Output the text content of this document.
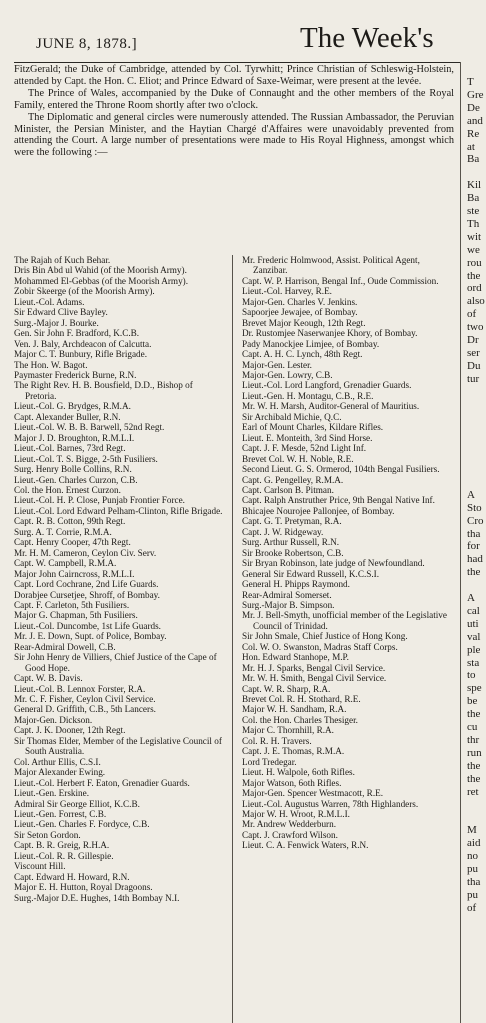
JUNE 8, 1878.]	The Week's

FitzGerald; the Duke of Cambridge, attended by Col. Tyrwhitt; Prince Christian of Schleswig-Holstein, attended by Capt. the Hon. C. Eliot; and Prince Edward of Saxe-Weimar, were present at the levée.

The Prince of Wales, accompanied by the Duke of Connaught and the other members of the Royal Family, entered the Throne Room shortly after two o'clock.

The Diplomatic and general circles were numerously attended. The Russian Ambassador, the Peruvian Minister, the Persian Minister, and the Haytian Chargé d'Affaires were unavoidably prevented from attending the Court. A large number of presentations were made to His Royal Highness, amongst which were the following :—

The Rajah of Kuch Behar.
Dris Bin Abd ul Wahid (of the Moorish Army).
Mohammed El-Gebbas (of the Moorish Army).
Zobir Skeerge (of the Moorish Army).
Lieut.-Col. Adams.
Sir Edward Clive Bayley.
Surg.-Major J. Bourke.
Gen. Sir John F. Bradford, K.C.B.
Ven. J. Baly, Archdeacon of Calcutta.
Major C. T. Bunbury, Rifle Brigade.
The Hon. W. Bagot.
Paymaster Frederick Burne, R.N.
The Right Rev. H. B. Bousfield, D.D., Bishop of Pretoria.
Lieut.-Col. G. Brydges, R.M.A.
Capt. Alexander Buller, R.N.
Lieut.-Col. W. B. B. Barwell, 52nd Regt.
Major J. D. Broughton, R.M.L.I.
Lieut.-Col. Barnes, 73rd Regt.
Lieut.-Col. T. S. Bigge, 2-5th Fusiliers.
Surg. Henry Bolle Collins, R.N.
Lieut.-Gen. Charles Curzon, C.B.
Col. the Hon. Ernest Curzon.
Lieut.-Col. H. P. Close, Punjab Frontier Force.
Lieut.-Col. Lord Edward Pelham-Clinton, Rifle Brigade.
Capt. R. B. Cotton, 99th Regt.
Surg. A. T. Corrie, R.M.A.
Capt. Henry Cooper, 47th Regt.
Mr. H. M. Cameron, Ceylon Civ. Serv.
Capt. W. Campbell, R.M.A.
Major John Cairncross, R.M.L.I.
Capt. Lord Cochrane, 2nd Life Guards.
Dorabjee Cursetjee, Shroff, of Bombay.
Capt. F. Carleton, 5th Fusiliers.
Major G. Chapman, 5th Fusiliers.
Lieut.-Col. Duncombe, 1st Life Guards.
Mr. J. E. Down, Supt. of Police, Bombay.
Rear-Admiral Dowell, C.B.
Sir John Henry de Villiers, Chief Justice of the Cape of Good Hope.
Capt. W. B. Davis.
Lieut.-Col. B. Lennox Forster, R.A.
Mr. C. F. Fisher, Ceylon Civil Service.
General D. Griffith, C.B., 5th Lancers.
Major-Gen. Dickson.
Capt. J. K. Dooner, 12th Regt.
Sir Thomas Elder, Member of the Legislative Council of South Australia.
Col. Arthur Ellis, C.S.I.
Major Alexander Ewing.
Lieut.-Col. Herbert F. Eaton, Grenadier Guards.
Lieut.-Gen. Erskine.
Admiral Sir George Elliot, K.C.B.
Lieut.-Gen. Forrest, C.B.
Lieut.-Gen. Charles F. Fordyce, C.B.
Sir Seton Gordon.
Capt. B. R. Greig, R.H.A.
Lieut.-Col. R. R. Gillespie.
Viscount Hill.
Capt. Edward H. Howard, R.N.
Major E. H. Hutton, Royal Dragoons.
Surg.-Major D.E. Hughes, 14th Bombay N.I.
Mr. Frederic Holmwood, Assist. Political Agent, Zanzibar.
Capt. W. P. Harrison, Bengal Inf., Oude Commission.
Lieut.-Col. Harvey, R.E.
Major-Gen. Charles V. Jenkins.
Sapoorjee Jewajee, of Bombay.
Brevet Major Keough, 12th Regt.
Dr. Rustomjee Naserwanjee Khory, of Bombay.
Pady Manockjee Limjee, of Bombay.
Capt. A. H. C. Lynch, 48th Regt.
Major-Gen. Lester.
Major-Gen. Lowry, C.B.
Lieut.-Col. Lord Langford, Grenadier Guards.
Lieut.-Gen. H. Montagu, C.B., R.E.
Mr. W. H. Marsh, Auditor-General of Mauritius.
Sir Archibald Michie, Q.C.
Earl of Mount Charles, Kildare Rifles.
Lieut. E. Monteith, 3rd Sind Horse.
Capt. J. F. Mesde, 52nd Light Inf.
Brevet Col. W. H. Noble, R.E.
Second Lieut. G. S. Ormerod, 104th Bengal Fusiliers.
Capt. G. Pengelley, R.M.A.
Capt. Carlson B. Pitman.
Capt. Ralph Anstruther Price, 9th Bengal Native Inf.
Bhicajee Nourojee Pallonjee, of Bombay.
Capt. G. T. Pretyman, R.A.
Capt. J. W. Ridgeway.
Surg. Arthur Russell, R.N.
Sir Brooke Robertson, C.B.
Sir Bryan Robinson, late judge of Newfoundland.
General Sir Edward Russell, K.C.S.I.
General H. Phipps Raymond.
Rear-Admiral Somerset.
Surg.-Major B. Simpson.
Mr. J. Bell-Smyth, unofficial member of the Legislative Council of Trinidad.
Sir John Smale, Chief Justice of Hong Kong.
Col. W. O. Swanston, Madras Staff Corps.
Hon. Edward Stanhope, M.P.
Mr. H. J. Sparks, Bengal Civil Service.
Mr. W. H. Smith, Bengal Civil Service.
Capt. W. R. Sharp, R.A.
Brevet Col. R. H. Stothard, R.E.
Major W. H. Sandham, R.A.
Col. the Hon. Charles Thesiger.
Major C. Thornhill, R.A.
Col. R. H. Travers.
Capt. J. E. Thomas, R.M.A.
Lord Tredegar.
Lieut. H. Walpole, 6oth Rifles.
Major Watson, 6oth Rifles.
Major-Gen. Spencer Westmacott, R.E.
Lieut.-Col. Augustus Warren, 78th Highlanders.
Major W. H. Wroot, R.M.L.I.
Mr. Andrew Wedderburn.
Capt. J. Crawford Wilson.
Lieut. C. A. Fenwick Waters, R.N.
T
Gre
De
and
Re
at
Ba
Kil
Ba
ste
Th
wit
we
rou
the
ord
also
of
two
Dr
ser
Du
tur
A
Sto
Cro
tha
for
had
the
A
cal
uti
val
ple
sta
to
spe
be
the
cu
thr
run
the
the
ret
M
aid
no
pu
tha
pu
of
